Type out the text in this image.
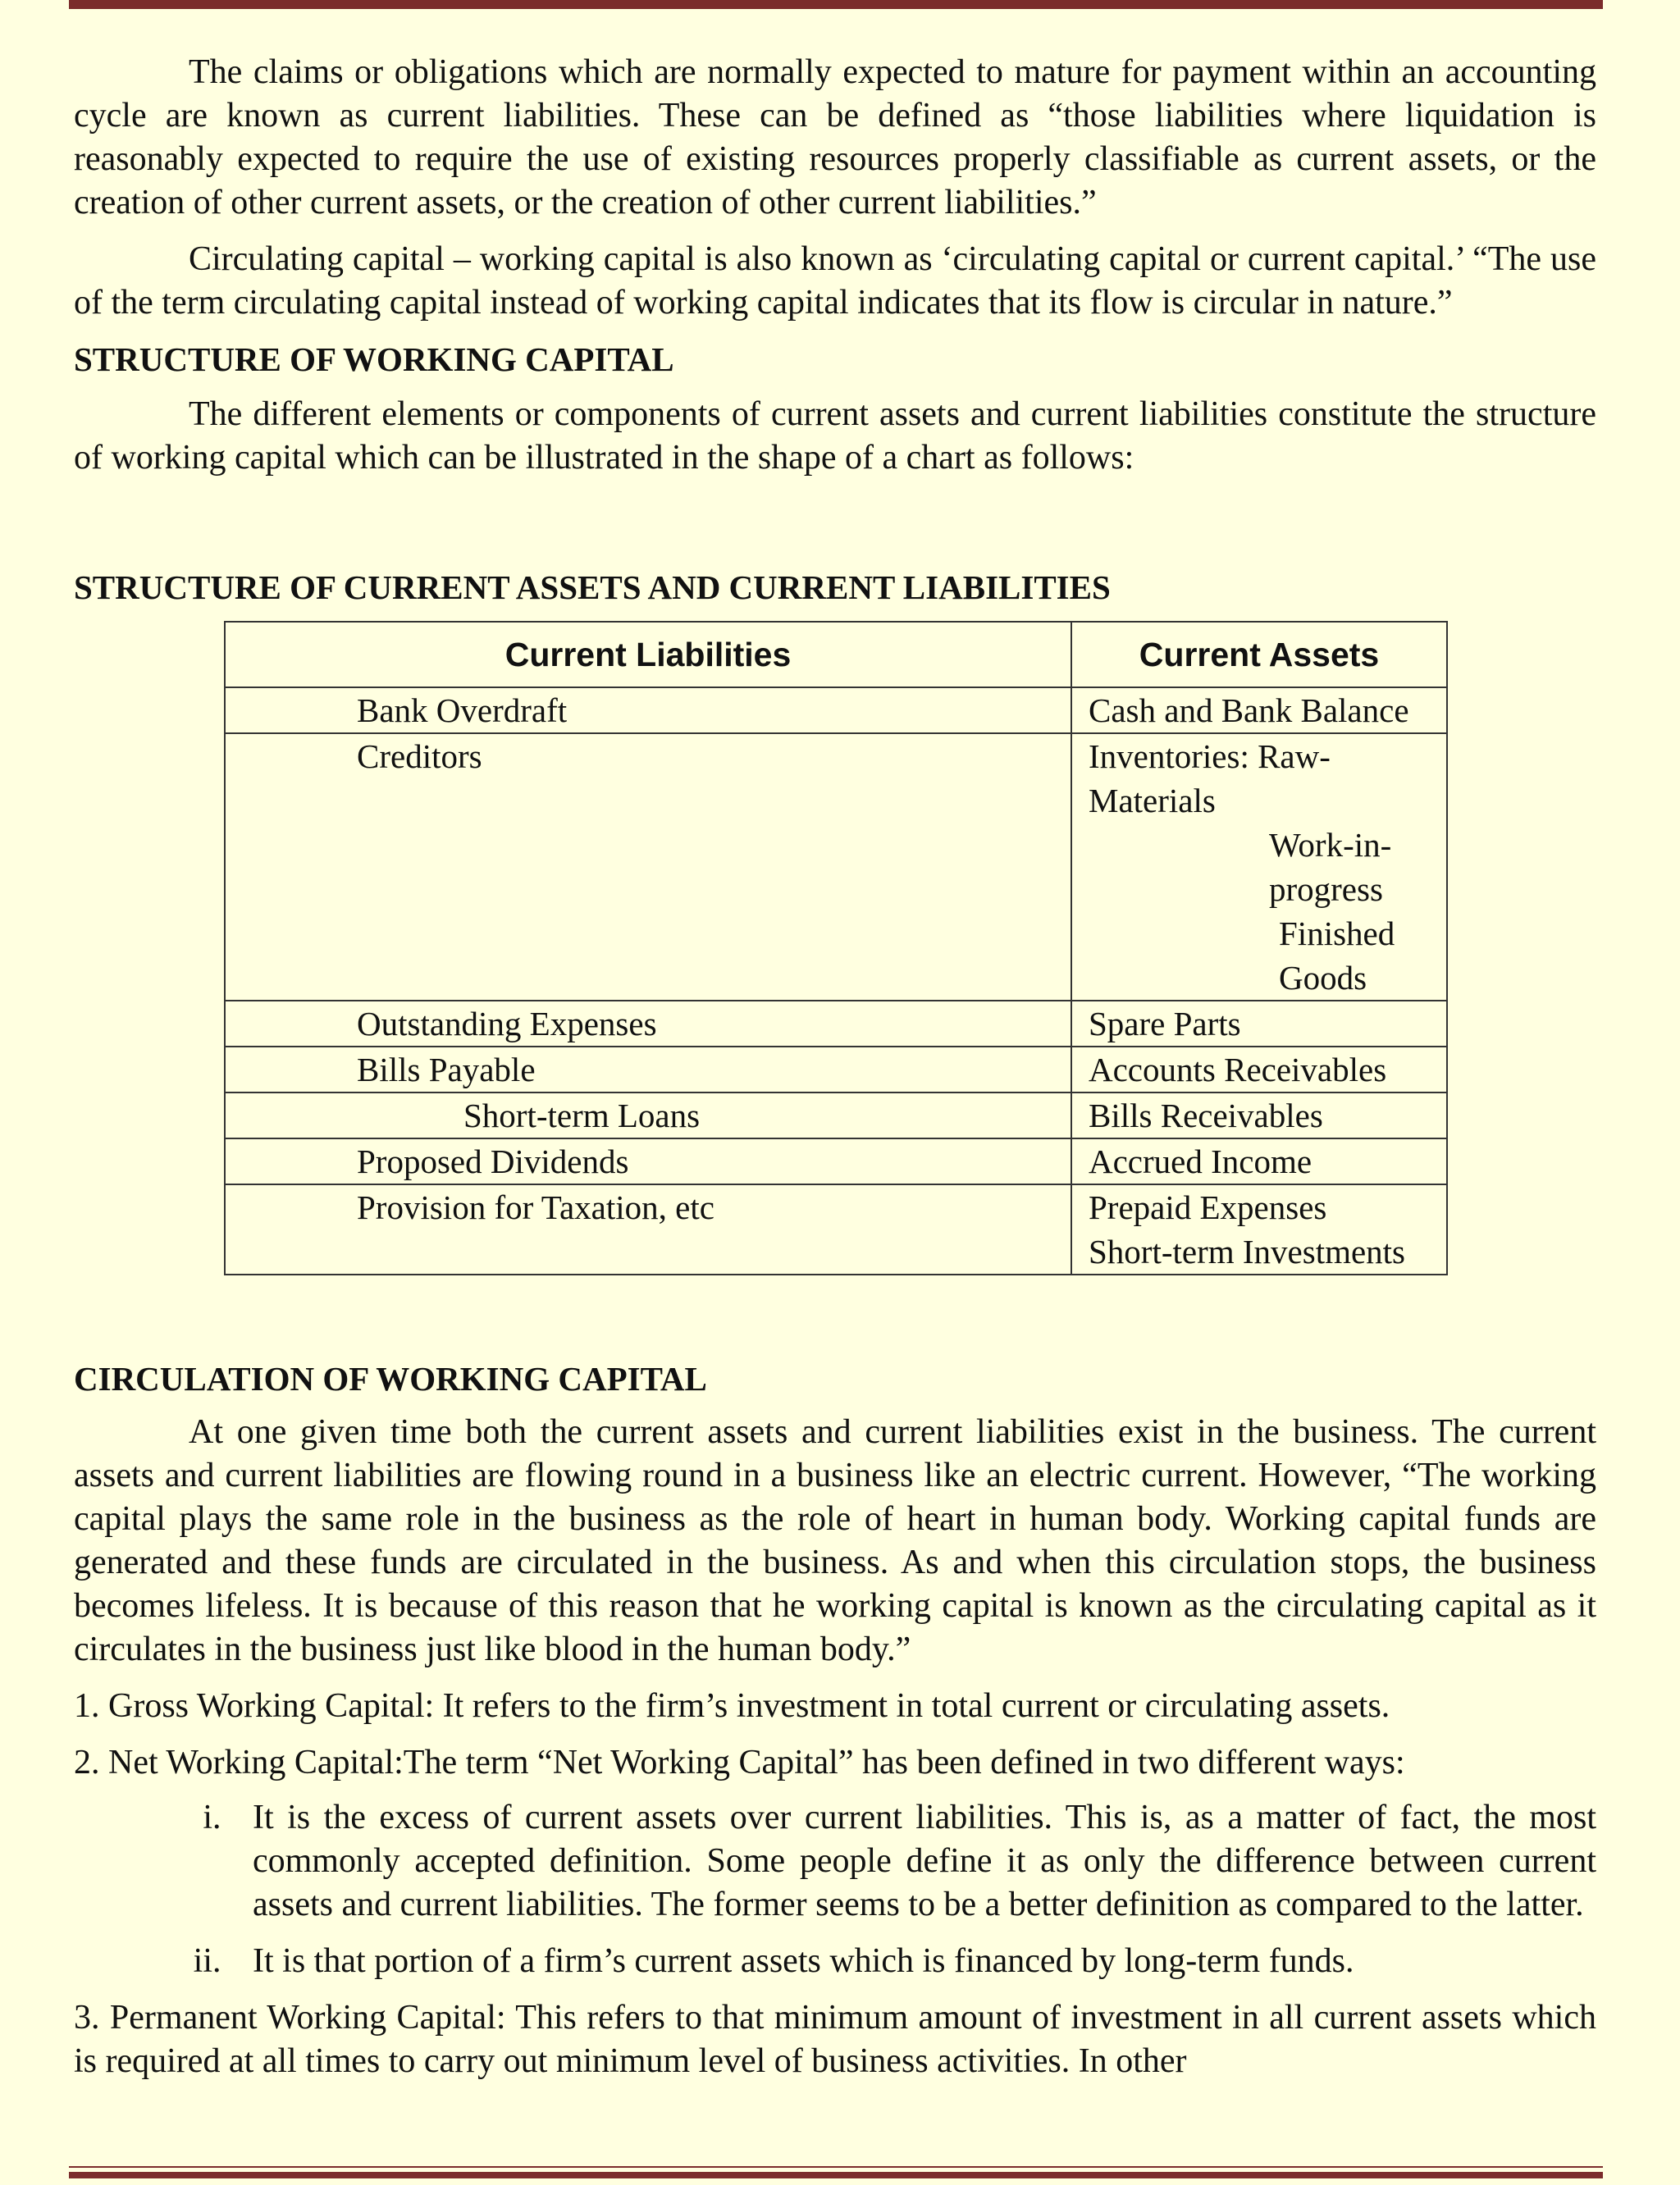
The claims or obligations which are normally expected to mature for payment within an accounting cycle are known as current liabilities. These can be defined as “those liabilities where liquidation is reasonably expected to require the use of existing resources properly classifiable as current assets, or the creation of other current assets, or the creation of other current liabilities.”

Circulating capital – working capital is also known as ‘circulating capital or current capital.’ “The use of the term circulating capital instead of working capital indicates that its flow is circular in nature.”

STRUCTURE OF WORKING CAPITAL

The different elements or components of current assets and current liabilities constitute the structure of working capital which can be illustrated in the shape of a chart as follows:

STRUCTURE OF CURRENT ASSETS AND CURRENT LIABILITIES

Current Liabilities	Current Assets
Bank Overdraft	Cash and Bank Balance
Creditors	Inventories: Raw-Materials
Work-in-progress
Finished Goods

Outstanding Expenses	Spare Parts
Bills Payable	Accounts Receivables
Short-term Loans	Bills Receivables
Proposed Dividends	Accrued Income
Provision for Taxation, etc	Prepaid Expenses
Short-term Investments

CIRCULATION OF WORKING CAPITAL

At one given time both the current assets and current liabilities exist in the business. The current assets and current liabilities are flowing round in a business like an electric current. However, “The working capital plays the same role in the business as the role of heart in human body. Working capital funds are generated and these funds are circulated in the business. As and when this circulation stops, the business becomes lifeless. It is because of this reason that he working capital is known as the circulating capital as it circulates in the business just like blood in the human body.”

1. Gross Working Capital: It refers to the firm’s investment in total current or circulating assets.

2. Net Working Capital:The term “Net Working Capital” has been defined in two different ways:

i. It is the excess of current assets over current liabilities. This is, as a matter of fact, the most commonly accepted definition. Some people define it as only the difference between current assets and current liabilities. The former seems to be a better definition as compared to the latter.
ii. It is that portion of a firm’s current assets which is financed by long-term funds.

3. Permanent Working Capital: This refers to that minimum amount of investment in all current assets which is required at all times to carry out minimum level of business activities. In other
